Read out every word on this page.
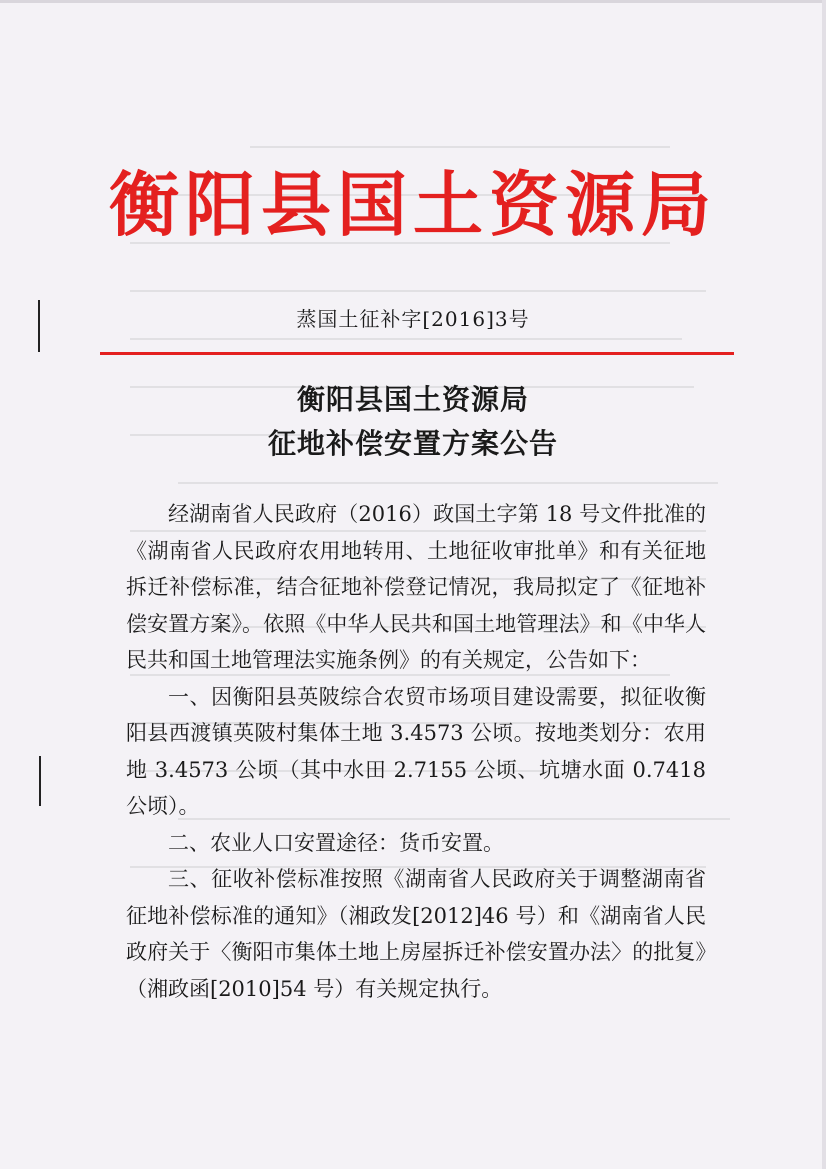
衡阳县国土资源局
蒸国土征补字[2016]3号
衡阳县国土资源局
征地补偿安置方案公告

经湖南省人民政府（2016）政国土字第 18 号文件批准的《湖南省人民政府农用地转用、土地征收审批单》和有关征地拆迁补偿标准，结合征地补偿登记情况，我局拟定了《征地补偿安置方案》。依照《中华人民共和国土地管理法》和《中华人民共和国土地管理法实施条例》的有关规定，公告如下：

一、因衡阳县英陂综合农贸市场项目建设需要，拟征收衡阳县西渡镇英陂村集体土地 3.4573 公顷。按地类划分：农用地 3.4573 公顷（其中水田 2.7155 公顷、坑塘水面 0.7418 公顷）。

二、农业人口安置途径：货币安置。

三、征收补偿标准按照《湖南省人民政府关于调整湖南省征地补偿标准的通知》（湘政发[2012]46 号）和《湖南省人民政府关于〈衡阳市集体土地上房屋拆迁补偿安置办法〉的批复》（湘政函[2010]54 号）有关规定执行。
